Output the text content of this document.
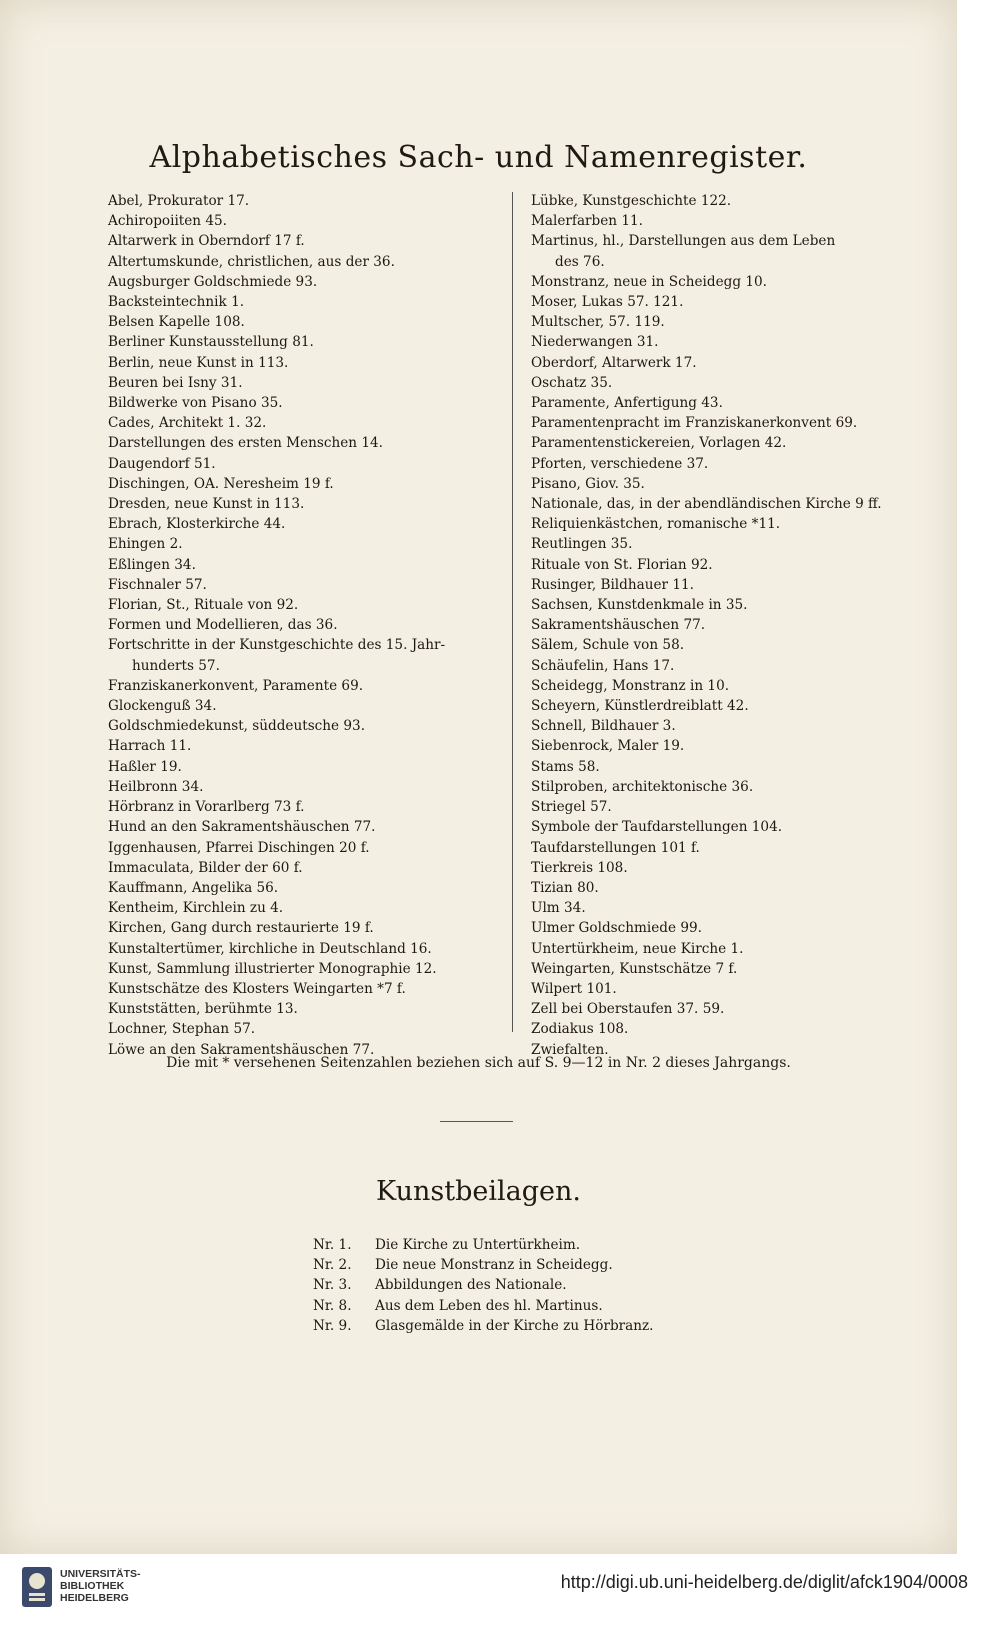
Alphabetisches Sach- und Namenregister.
Abel, Prokurator 17.
Achiropoiiten 45.
Altarwerk in Oberndorf 17 f.
Altertumskunde, christlichen, aus der 36.
Augsburger Goldschmiede 93.
Backsteintechnik 1.
Belsen Kapelle 108.
Berliner Kunstausstellung 81.
Berlin, neue Kunst in 113.
Beuren bei Isny 31.
Bildwerke von Pisano 35.
Cades, Architekt 1. 32.
Darstellungen des ersten Menschen 14.
Daugendorf 51.
Dischingen, OA. Neresheim 19 f.
Dresden, neue Kunst in 113.
Ebrach, Klosterkirche 44.
Ehingen 2.
Eßlingen 34.
Fischnaler 57.
Florian, St., Rituale von 92.
Formen und Modellieren, das 36.
Fortschritte in der Kunstgeschichte des 15. Jahr-
hunderts 57.
Franziskanerkonvent, Paramente 69.
Glockenguß 34.
Goldschmiedekunst, süddeutsche 93.
Harrach 11.
Haßler 19.
Heilbronn 34.
Hörbranz in Vorarlberg 73 f.
Hund an den Sakramentshäuschen 77.
Iggenhausen, Pfarrei Dischingen 20 f.
Immaculata, Bilder der 60 f.
Kauffmann, Angelika 56.
Kentheim, Kirchlein zu 4.
Kirchen, Gang durch restaurierte 19 f.
Kunstaltertümer, kirchliche in Deutschland 16.
Kunst, Sammlung illustrierter Monographie 12.
Kunstschätze des Klosters Weingarten *7 f.
Kunststätten, berühmte 13.
Lochner, Stephan 57.
Löwe an den Sakramentshäuschen 77.
Lübke, Kunstgeschichte 122.
Malerfarben 11.
Martinus, hl., Darstellungen aus dem Leben
des 76.
Monstranz, neue in Scheidegg 10.
Moser, Lukas 57. 121.
Multscher, 57. 119.
Niederwangen 31.
Oberdorf, Altarwerk 17.
Oschatz 35.
Paramente, Anfertigung 43.
Paramentenpracht im Franziskanerkonvent 69.
Paramentenstickereien, Vorlagen 42.
Pforten, verschiedene 37.
Pisano, Giov. 35.
Nationale, das, in der abendländischen Kirche 9 ff.
Reliquienkästchen, romanische *11.
Reutlingen 35.
Rituale von St. Florian 92.
Rusinger, Bildhauer 11.
Sachsen, Kunstdenkmale in 35.
Sakramentshäuschen 77.
Sälem, Schule von 58.
Schäufelin, Hans 17.
Scheidegg, Monstranz in 10.
Scheyern, Künstlerdreiblatt 42.
Schnell, Bildhauer 3.
Siebenrock, Maler 19.
Stams 58.
Stilproben, architektonische 36.
Striegel 57.
Symbole der Taufdarstellungen 104.
Taufdarstellungen 101 f.
Tierkreis 108.
Tizian 80.
Ulm 34.
Ulmer Goldschmiede 99.
Untertürkheim, neue Kirche 1.
Weingarten, Kunstschätze 7 f.
Wilpert 101.
Zell bei Oberstaufen 37. 59.
Zodiakus 108.
Zwiefalten.
Die mit * versehenen Seitenzahlen beziehen sich auf S. 9—12 in Nr. 2 dieses Jahrgangs.
Kunstbeilagen.
Nr. 1. Die Kirche zu Untertürkheim.
Nr. 2. Die neue Monstranz in Scheidegg.
Nr. 3. Abbildungen des Nationale.
Nr. 8. Aus dem Leben des hl. Martinus.
Nr. 9. Glasgemälde in der Kirche zu Hörbranz.
UNIVERSITÄTS-
BIBLIOTHEK
HEIDELBERG
http://digi.ub.uni-heidelberg.de/diglit/afck1904/0008
